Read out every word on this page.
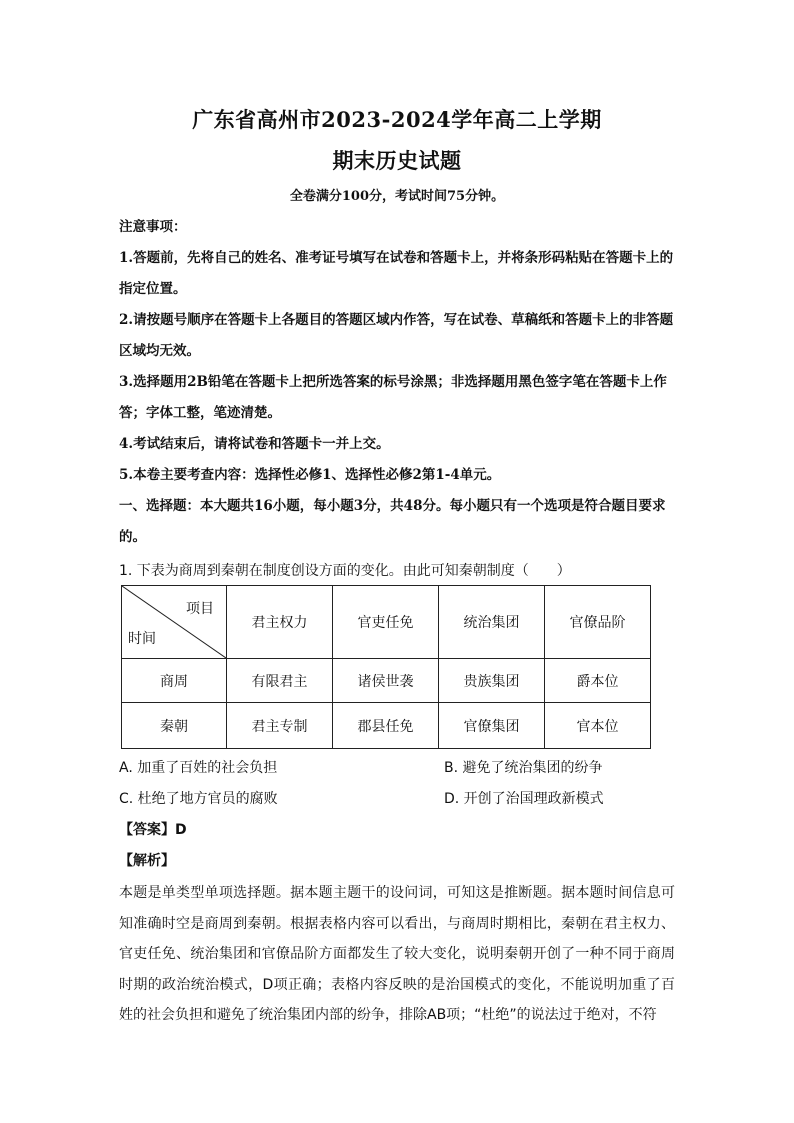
广东省高州市2023-2024学年高二上学期
期末历史试题
全卷满分100分，考试时间75分钟。
注意事项：
1.答题前，先将自己的姓名、准考证号填写在试卷和答题卡上，并将条形码粘贴在答题卡上的指定位置。
2.请按题号顺序在答题卡上各题目的答题区域内作答，写在试卷、草稿纸和答题卡上的非答题区域均无效。
3.选择题用2B铅笔在答题卡上把所选答案的标号涂黑；非选择题用黑色签字笔在答题卡上作答；字体工整，笔迹清楚。
4.考试结束后，请将试卷和答题卡一并上交。
5.本卷主要考查内容：选择性必修1、选择性必修2第1-4单元。
一、选择题：本大题共16小题，每小题3分，共48分。每小题只有一个选项是符合题目要求的。
1. 下表为商周到秦朝在制度创设方面的变化。由此可知秦朝制度（　　）
项目
时间	君主权力	官吏任免	统治集团	官僚品阶
商周	有限君主	诸侯世袭	贵族集团	爵本位
秦朝	君主专制	郡县任免	官僚集团	官本位
A. 加重了百姓的社会负担	B. 避免了统治集团的纷争
C. 杜绝了地方官员的腐败	D. 开创了治国理政新模式
【答案】D
【解析】
本题是单类型单项选择题。据本题主题干的设问词，可知这是推断题。据本题时间信息可知准确时空是商周到秦朝。根据表格内容可以看出，与商周时期相比，秦朝在君主权力、官吏任免、统治集团和官僚品阶方面都发生了较大变化，说明秦朝开创了一种不同于商周时期的政治统治模式，D项正确；表格内容反映的是治国模式的变化，不能说明加重了百姓的社会负担和避免了统治集团内部的纷争，排除AB项；“杜绝”的说法过于绝对，不符
